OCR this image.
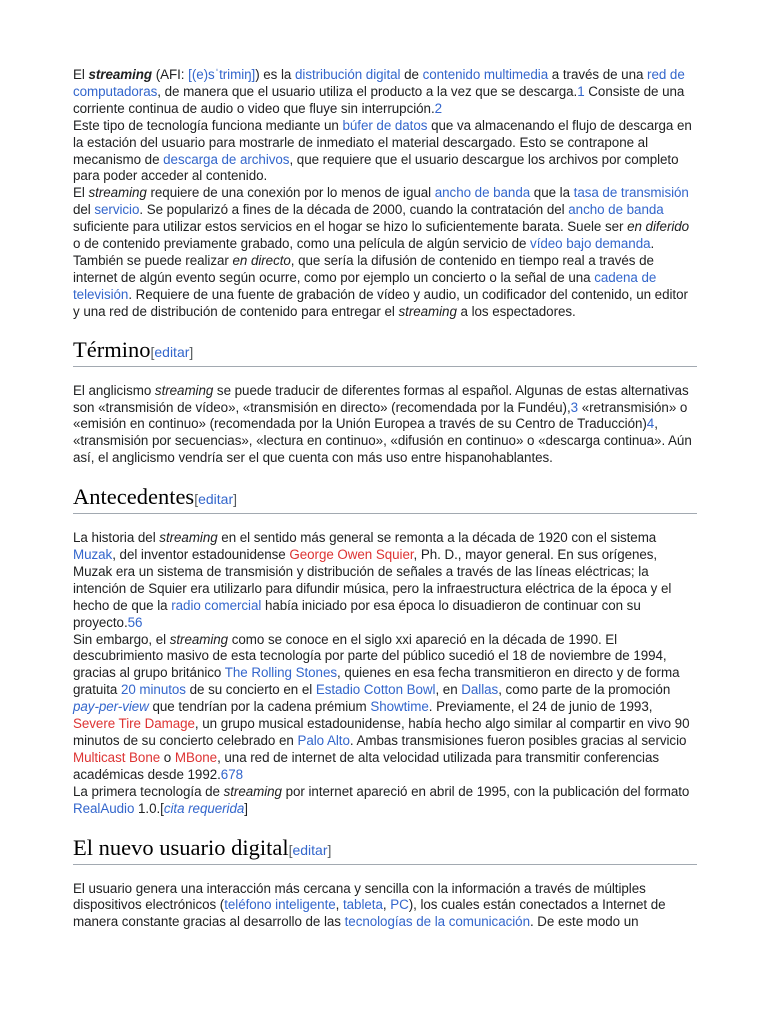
El streaming (AFI: [(e)sˈtrimiŋ]) es la distribución digital de contenido multimedia a través de una red de computadoras, de manera que el usuario utiliza el producto a la vez que se descarga.1 Consiste de una corriente continua de audio o video que fluye sin interrupción.2
Este tipo de tecnología funciona mediante un búfer de datos que va almacenando el flujo de descarga en la estación del usuario para mostrarle de inmediato el material descargado. Esto se contrapone al mecanismo de descarga de archivos, que requiere que el usuario descargue los archivos por completo para poder acceder al contenido.
El streaming requiere de una conexión por lo menos de igual ancho de banda que la tasa de transmisión del servicio. Se popularizó a fines de la década de 2000, cuando la contratación del ancho de banda suficiente para utilizar estos servicios en el hogar se hizo lo suficientemente barata. Suele ser en diferido o de contenido previamente grabado, como una película de algún servicio de vídeo bajo demanda. También se puede realizar en directo, que sería la difusión de contenido en tiempo real a través de internet de algún evento según ocurre, como por ejemplo un concierto o la señal de una cadena de televisión. Requiere de una fuente de grabación de vídeo y audio, un codificador del contenido, un editor y una red de distribución de contenido para entregar el streaming a los espectadores.

Término[editar]

El anglicismo streaming se puede traducir de diferentes formas al español. Algunas de estas alternativas son «transmisión de vídeo», «transmisión en directo» (recomendada por la Fundéu),3 «retransmisión» o «emisión en continuo» (recomendada por la Unión Europea a través de su Centro de Traducción)4, «transmisión por secuencias», «lectura en continuo», «difusión en continuo» o «descarga continua». Aún así, el anglicismo vendría ser el que cuenta con más uso entre hispanohablantes.

Antecedentes[editar]

La historia del streaming en el sentido más general se remonta a la década de 1920 con el sistema Muzak, del inventor estadounidense George Owen Squier, Ph. D., mayor general. En sus orígenes, Muzak era un sistema de transmisión y distribución de señales a través de las líneas eléctricas; la intención de Squier era utilizarlo para difundir música, pero la infraestructura eléctrica de la época y el hecho de que la radio comercial había iniciado por esa época lo disuadieron de continuar con su proyecto.56
Sin embargo, el streaming como se conoce en el siglo xxi apareció en la década de 1990. El descubrimiento masivo de esta tecnología por parte del público sucedió el 18 de noviembre de 1994, gracias al grupo británico The Rolling Stones, quienes en esa fecha transmitieron en directo y de forma gratuita 20 minutos de su concierto en el Estadio Cotton Bowl, en Dallas, como parte de la promoción pay-per-view que tendrían por la cadena prémium Showtime. Previamente, el 24 de junio de 1993, Severe Tire Damage, un grupo musical estadounidense, había hecho algo similar al compartir en vivo 90 minutos de su concierto celebrado en Palo Alto. Ambas transmisiones fueron posibles gracias al servicio Multicast Bone o MBone, una red de internet de alta velocidad utilizada para transmitir conferencias académicas desde 1992.678
La primera tecnología de streaming por internet apareció en abril de 1995, con la publicación del formato RealAudio 1.0.[cita requerida]

El nuevo usuario digital[editar]

El usuario genera una interacción más cercana y sencilla con la información a través de múltiples dispositivos electrónicos (teléfono inteligente, tableta, PC), los cuales están conectados a Internet de manera constante gracias al desarrollo de las tecnologías de la comunicación. De este modo un
